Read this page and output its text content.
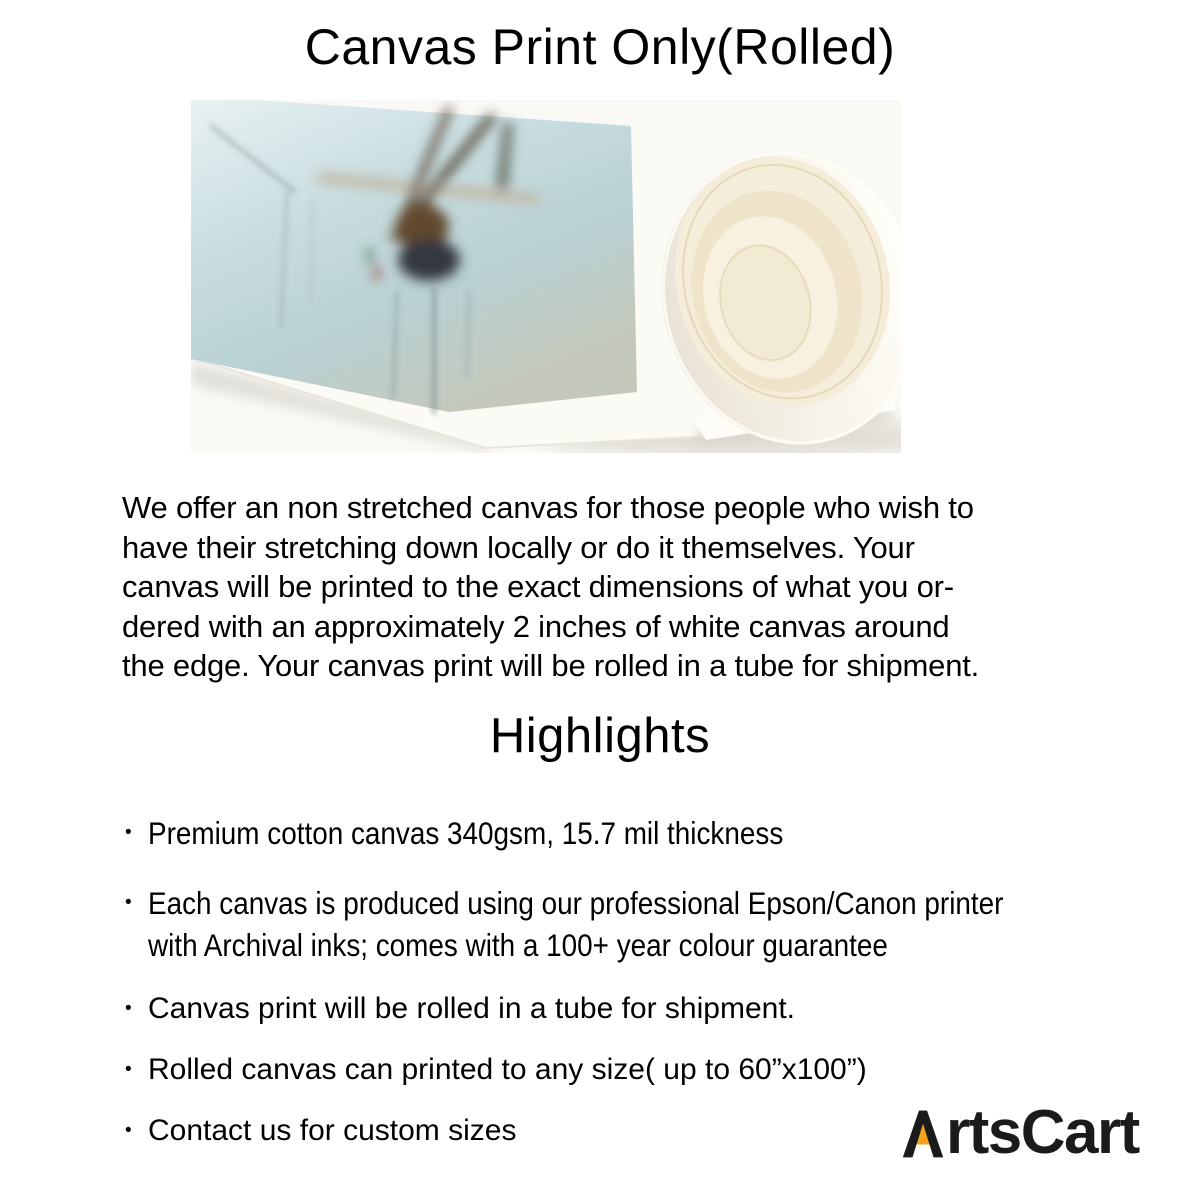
Canvas Print Only(Rolled)
We offer an non stretched canvas for those people who wish to
have their stretching down locally or do it themselves. Your
canvas will be printed to the exact dimensions of what you or-
dered with an approximately 2 inches of white canvas around
the edge. Your canvas print will be rolled in a tube for shipment.
Highlights
• Premium cotton canvas 340gsm, 15.7 mil thickness
• Each canvas is produced using our professional Epson/Canon printer
with Archival inks; comes with a 100+ year colour guarantee
• Canvas print will be rolled in a tube for shipment.
• Rolled canvas can printed to any size( up to 60”x100”)
• Contact us for custom sizes	rtsCart
